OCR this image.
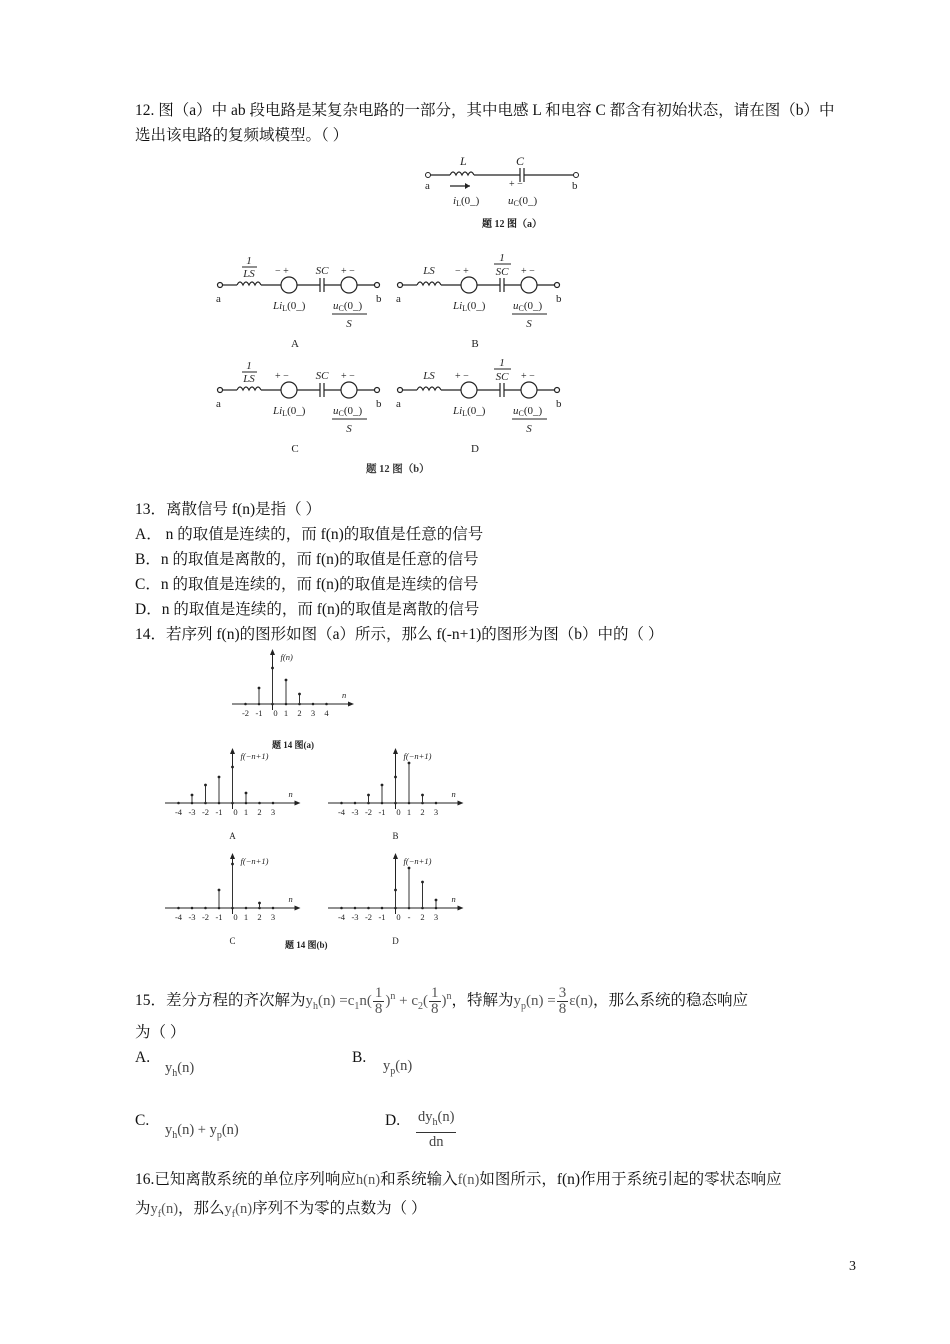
12. 图（a）中 ab 段电路是某复杂电路的一部分，其中电感 L 和电容 C 都含有初始状态，请在图（b）中
选出该电路的复频域模型。（ ）
L	C
a	b
+ −
iL(0_)	uC(0_)
题 12 图（a）
1
LS	SC
− +	+ −
a	b
LiL(0_)	uC(0_)
S
A
LS
1
SC
− +	+ −
a	b
LiL(0_)	uC(0_)
S
B
1
LS	SC
+ −	+ −
a	b
LiL(0_)	uC(0_)
S
C
LS
1
SC
+ −	+ −
a	b
LiL(0_)	uC(0_)
S
D
题 12 图（b）
13．离散信号 f(n)是指（ ）
A． n 的取值是连续的，而 f(n)的取值是任意的信号
B．n 的取值是离散的，而 f(n)的取值是任意的信号
C．n 的取值是连续的，而 f(n)的取值是连续的信号
D．n 的取值是连续的，而 f(n)的取值是离散的信号
14．若序列 f(n)的图形如图（a）所示，那么 f(-n+1)的图形为图（b）中的（ ）
-2 -1 0 1 2 3 4
f(n)
n
题 14 图(a)
-4 -3 -2 -1 0 1 2 3
f(−n+1)
n
A
-4 -3 -2 -1 0 1 2 3
f(−n+1)
n
B
-4 -3 -2 -1 0 1 2 3
f(−n+1)
n
C
-4 -3 -2 -1 0 - 2 3
f(−n+1)
n
D
题 14 图(b)
15．差分方程的齐次解为 $y_h(n) =c_1n( \frac{1}{8} )^n + c_2( \frac{1}{8} )^n$ ，特解为 $y_p(n) = \frac{3}{8} \varepsilon(n)$ ，那么系统的稳态响应
为（ ）
A.
$y_h(n)$
B. $y_p(n)$
C.
$y_h(n) + y_p(n)$
D. $\frac{dy_h(n)}{dn}$
16.已知离散系统的单位序列响应h(n)和系统输入f(n)如图所示，f(n)作用于系统引起的零状态响应
为$y_f(n)$，那么$y_f(n)$序列不为零的点数为（ ）
3
